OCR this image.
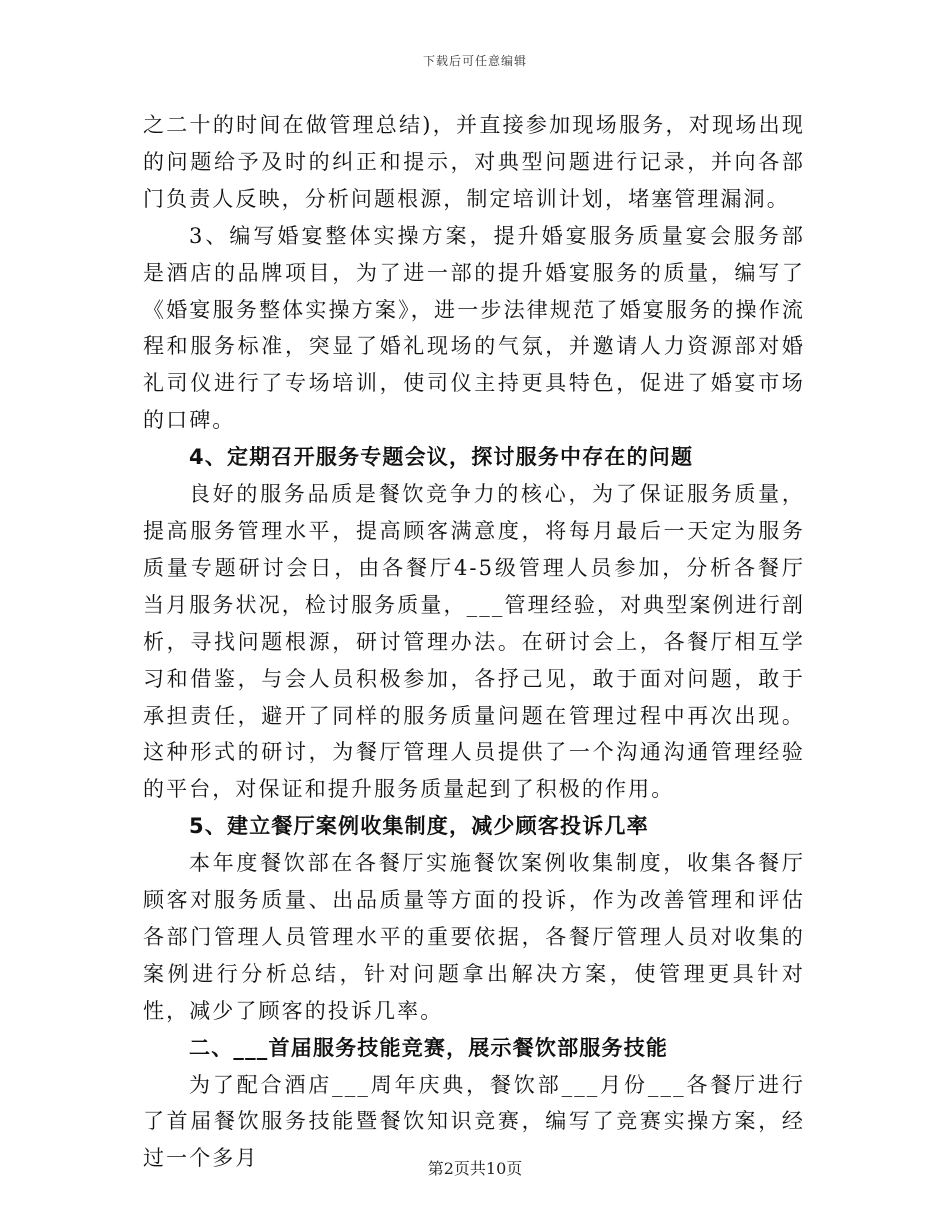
下载后可任意编辑

之二十的时间在做管理总结)，并直接参加现场服务，对现场出现的问题给予及时的纠正和提示，对典型问题进行记录，并向各部门负责人反映，分析问题根源，制定培训计划，堵塞管理漏洞。

3、编写婚宴整体实操方案，提升婚宴服务质量宴会服务部是酒店的品牌项目，为了进一部的提升婚宴服务的质量，编写了《婚宴服务整体实操方案》，进一步法律规范了婚宴服务的操作流程和服务标准，突显了婚礼现场的气氛，并邀请人力资源部对婚礼司仪进行了专场培训，使司仪主持更具特色，促进了婚宴市场的口碑。

4、定期召开服务专题会议，探讨服务中存在的问题

良好的服务品质是餐饮竞争力的核心，为了保证服务质量，提高服务管理水平，提高顾客满意度，将每月最后一天定为服务质量专题研讨会日，由各餐厅4-5级管理人员参加，分析各餐厅当月服务状况，检讨服务质量，___管理经验，对典型案例进行剖析，寻找问题根源，研讨管理办法。在研讨会上，各餐厅相互学习和借鉴，与会人员积极参加，各抒己见，敢于面对问题，敢于承担责任，避开了同样的服务质量问题在管理过程中再次出现。这种形式的研讨，为餐厅管理人员提供了一个沟通沟通管理经验的平台，对保证和提升服务质量起到了积极的作用。

5、建立餐厅案例收集制度，减少顾客投诉几率

本年度餐饮部在各餐厅实施餐饮案例收集制度，收集各餐厅顾客对服务质量、出品质量等方面的投诉，作为改善管理和评估各部门管理人员管理水平的重要依据，各餐厅管理人员对收集的案例进行分析总结，针对问题拿出解决方案，使管理更具针对性，减少了顾客的投诉几率。

二、___首届服务技能竞赛，展示餐饮部服务技能

为了配合酒店___周年庆典，餐饮部___月份___各餐厅进行了首届餐饮服务技能暨餐饮知识竞赛，编写了竞赛实操方案，经过一个多月	第2页共10页
